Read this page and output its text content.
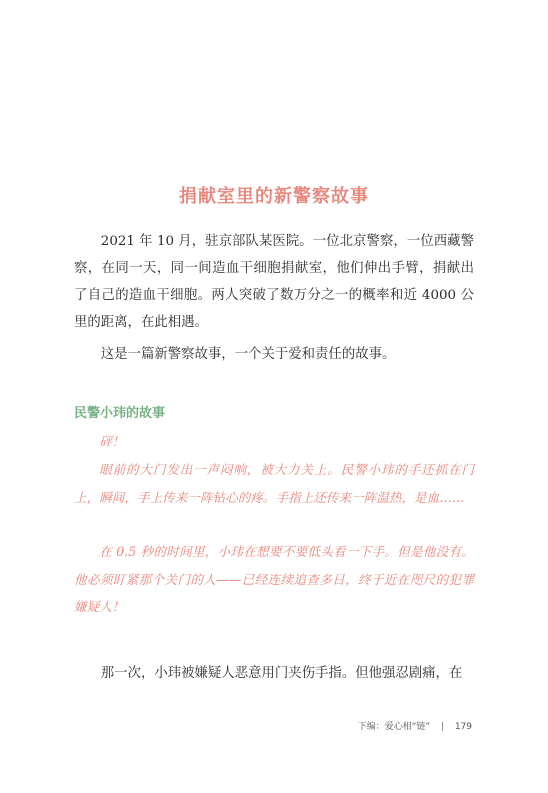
捐献室里的新警察故事

2021 年 10 月，驻京部队某医院。一位北京警察，一位西藏警察，在同一天，同一间造血干细胞捐献室，他们伸出手臂，捐献出了自己的造血干细胞。两人突破了数万分之一的概率和近 4000 公里的距离，在此相遇。

这是一篇新警察故事，一个关于爱和责任的故事。

民警小玮的故事

砰！

眼前的大门发出一声闷响，被大力关上。民警小玮的手还抓在门上，瞬间，手上传来一阵钻心的疼。手指上还传来一阵温热，是血……

在 0.5 秒的时间里，小玮在想要不要低头看一下手。但是他没有。他必须盯紧那个关门的人——已经连续追查多日，终于近在咫尺的犯罪嫌疑人！

那一次，小玮被嫌疑人恶意用门夹伤手指。但他强忍剧痛，在

下编：爱心相“链” | 179
